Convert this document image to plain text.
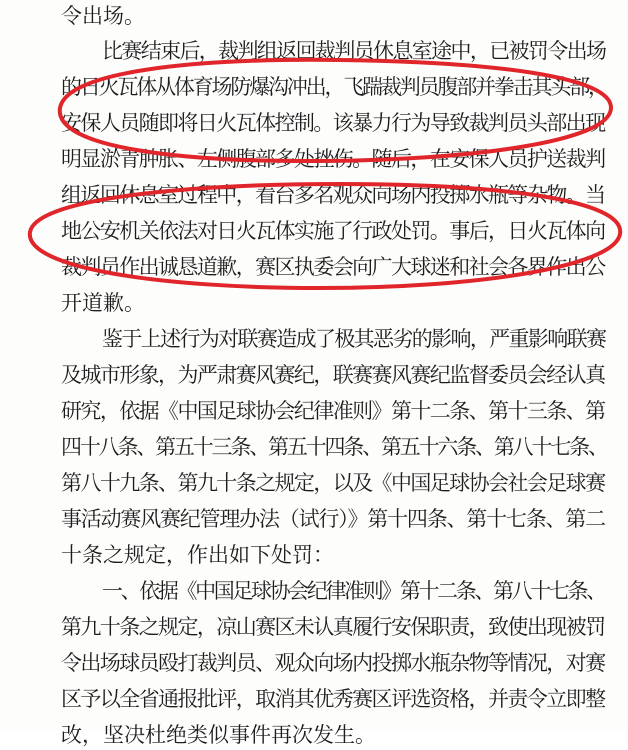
令出场。
比赛结束后，裁判组返回裁判员休息室途中，已被罚令出场
的日火瓦体从体育场防爆沟冲出，飞踹裁判员腹部并拳击其头部，
安保人员随即将日火瓦体控制。该暴力行为导致裁判员头部出现
明显淤青肿胀、左侧腹部多处挫伤。随后，在安保人员护送裁判
组返回休息室过程中，看台多名观众向场内投掷水瓶等杂物。当
地公安机关依法对日火瓦体实施了行政处罚。事后，日火瓦体向
裁判员作出诚恳道歉，赛区执委会向广大球迷和社会各界作出公
开道歉。
鉴于上述行为对联赛造成了极其恶劣的影响，严重影响联赛
及城市形象，为严肃赛风赛纪，联赛赛风赛纪监督委员会经认真
研究，依据《中国足球协会纪律准则》第十二条、第十三条、第
四十八条、第五十三条、第五十四条、第五十六条、第八十七条、
第八十九条、第九十条之规定，以及《中国足球协会社会足球赛
事活动赛风赛纪管理办法（试行）》第十四条、第十七条、第二
十条之规定，作出如下处罚：
一、依据《中国足球协会纪律准则》第十二条、第八十七条、
第九十条之规定，凉山赛区未认真履行安保职责，致使出现被罚
令出场球员殴打裁判员、观众向场内投掷水瓶杂物等情况，对赛
区予以全省通报批评，取消其优秀赛区评选资格，并责令立即整
改，坚决杜绝类似事件再次发生。
